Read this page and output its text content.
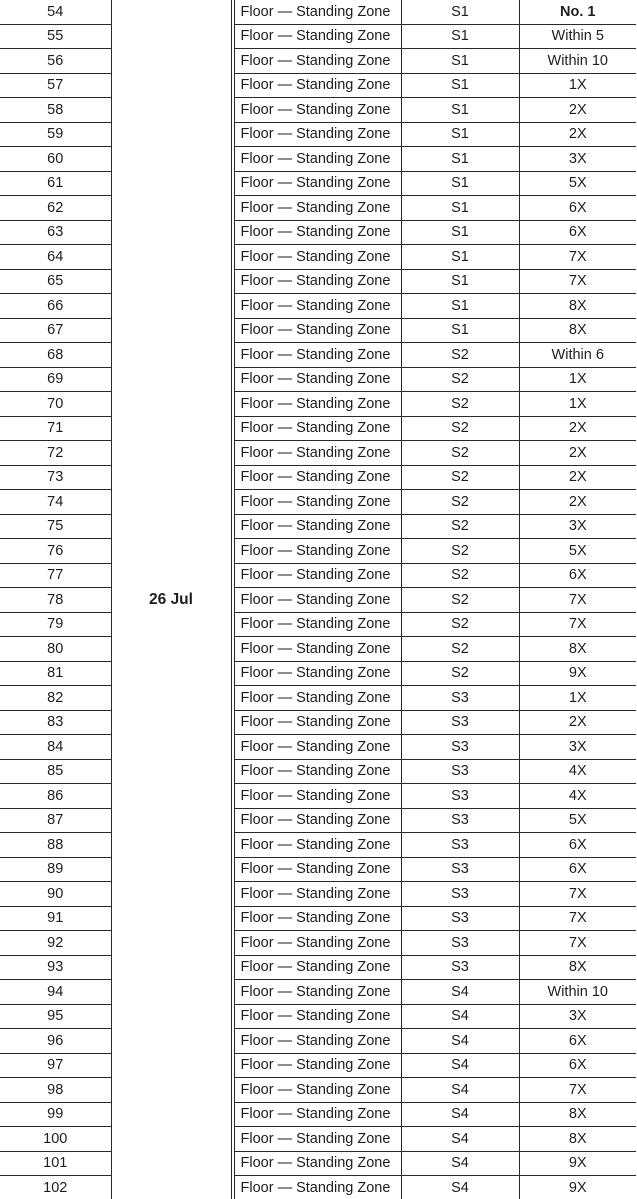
54	26 Jul		Floor — Standing Zone	S1	No. 1
55			Floor — Standing Zone	S1	Within 5
56			Floor — Standing Zone	S1	Within 10
57			Floor — Standing Zone	S1	1X
58			Floor — Standing Zone	S1	2X
59			Floor — Standing Zone	S1	2X
60			Floor — Standing Zone	S1	3X
61			Floor — Standing Zone	S1	5X
62			Floor — Standing Zone	S1	6X
63			Floor — Standing Zone	S1	6X
64			Floor — Standing Zone	S1	7X
65			Floor — Standing Zone	S1	7X
66			Floor — Standing Zone	S1	8X
67			Floor — Standing Zone	S1	8X
68			Floor — Standing Zone	S2	Within 6
69			Floor — Standing Zone	S2	1X
70			Floor — Standing Zone	S2	1X
71			Floor — Standing Zone	S2	2X
72			Floor — Standing Zone	S2	2X
73			Floor — Standing Zone	S2	2X
74			Floor — Standing Zone	S2	2X
75			Floor — Standing Zone	S2	3X
76			Floor — Standing Zone	S2	5X
77			Floor — Standing Zone	S2	6X
78			Floor — Standing Zone	S2	7X
79			Floor — Standing Zone	S2	7X
80			Floor — Standing Zone	S2	8X
81			Floor — Standing Zone	S2	9X
82			Floor — Standing Zone	S3	1X
83			Floor — Standing Zone	S3	2X
84			Floor — Standing Zone	S3	3X
85			Floor — Standing Zone	S3	4X
86			Floor — Standing Zone	S3	4X
87			Floor — Standing Zone	S3	5X
88			Floor — Standing Zone	S3	6X
89			Floor — Standing Zone	S3	6X
90			Floor — Standing Zone	S3	7X
91			Floor — Standing Zone	S3	7X
92			Floor — Standing Zone	S3	7X
93			Floor — Standing Zone	S3	8X
94			Floor — Standing Zone	S4	Within 10
95			Floor — Standing Zone	S4	3X
96			Floor — Standing Zone	S4	6X
97			Floor — Standing Zone	S4	6X
98			Floor — Standing Zone	S4	7X
99			Floor — Standing Zone	S4	8X
100			Floor — Standing Zone	S4	8X
101			Floor — Standing Zone	S4	9X
102			Floor — Standing Zone	S4	9X
